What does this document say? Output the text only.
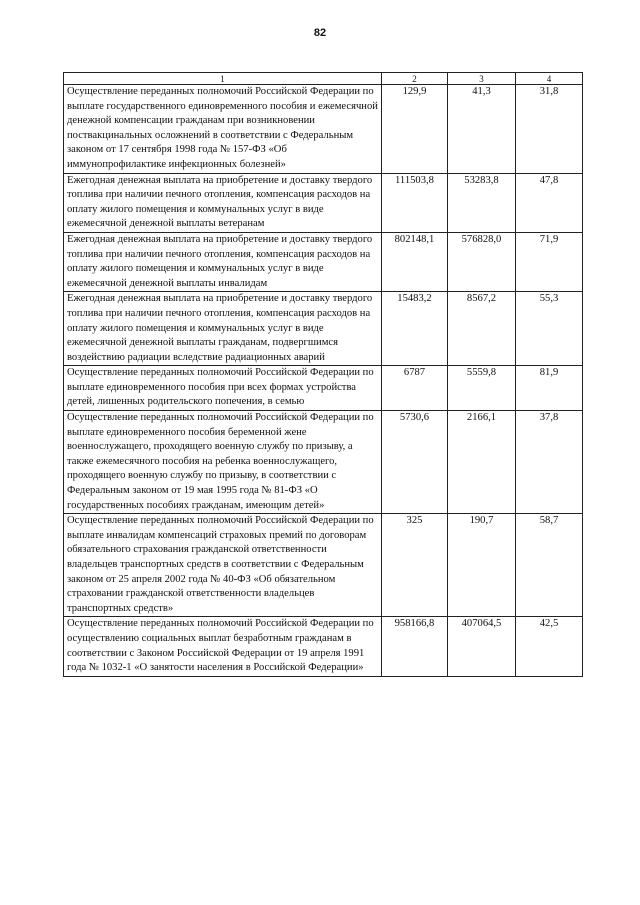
82
1	2	3	4
Осуществление переданных полномочий Российской Федерации по выплате государственного единовременного пособия и ежемесячной денежной компенсации гражданам при возникновении поствакцинальных осложнений в соответствии с Федеральным законом от 17 сентября 1998 года № 157-ФЗ «Об иммунопрофилактике инфекционных болезней»	129,9	41,3	31,8
Ежегодная денежная выплата на приобретение и доставку твердого топлива при наличии печного отопления, компенсация расходов на оплату жилого помещения и коммунальных услуг в виде ежемесячной денежной выплаты ветеранам	111503,8	53283,8	47,8
Ежегодная денежная выплата на приобретение и доставку твердого топлива при наличии печного отопления, компенсация расходов на оплату жилого помещения и коммунальных услуг в виде ежемесячной денежной выплаты инвалидам	802148,1	576828,0	71,9
Ежегодная денежная выплата на приобретение и доставку твердого топлива при наличии печного отопления, компенсация расходов на оплату жилого помещения и коммунальных услуг в виде ежемесячной денежной выплаты гражданам, подвергшимся воздействию радиации вследствие радиационных аварий	15483,2	8567,2	55,3
Осуществление переданных полномочий Российской Федерации по выплате единовременного пособия при всех формах устройства детей, лишенных родительского попечения, в семью	6787	5559,8	81,9
Осуществление переданных полномочий Российской Федерации по выплате единовременного пособия беременной жене военнослужащего, проходящего военную службу по призыву, а также ежемесячного пособия на ребенка военнослужащего, проходящего военную службу по призыву, в соответствии с Федеральным законом от 19 мая 1995 года № 81-ФЗ «О государственных пособиях гражданам, имеющим детей»	5730,6	2166,1	37,8
Осуществление переданных полномочий Российской Федерации по выплате инвалидам компенсаций страховых премий по договорам обязательного страхования гражданской ответственности владельцев транспортных средств в соответствии с Федеральным законом от 25 апреля 2002 года № 40-ФЗ «Об обязательном страховании гражданской ответственности владельцев транспортных средств»	325	190,7	58,7
Осуществление переданных полномочий Российской Федерации по осуществлению социальных выплат безработным гражданам в соответствии с Законом Российской Федерации от 19 апреля 1991 года № 1032-1 «О занятости населения в Российской Федерации»	958166,8	407064,5	42,5
